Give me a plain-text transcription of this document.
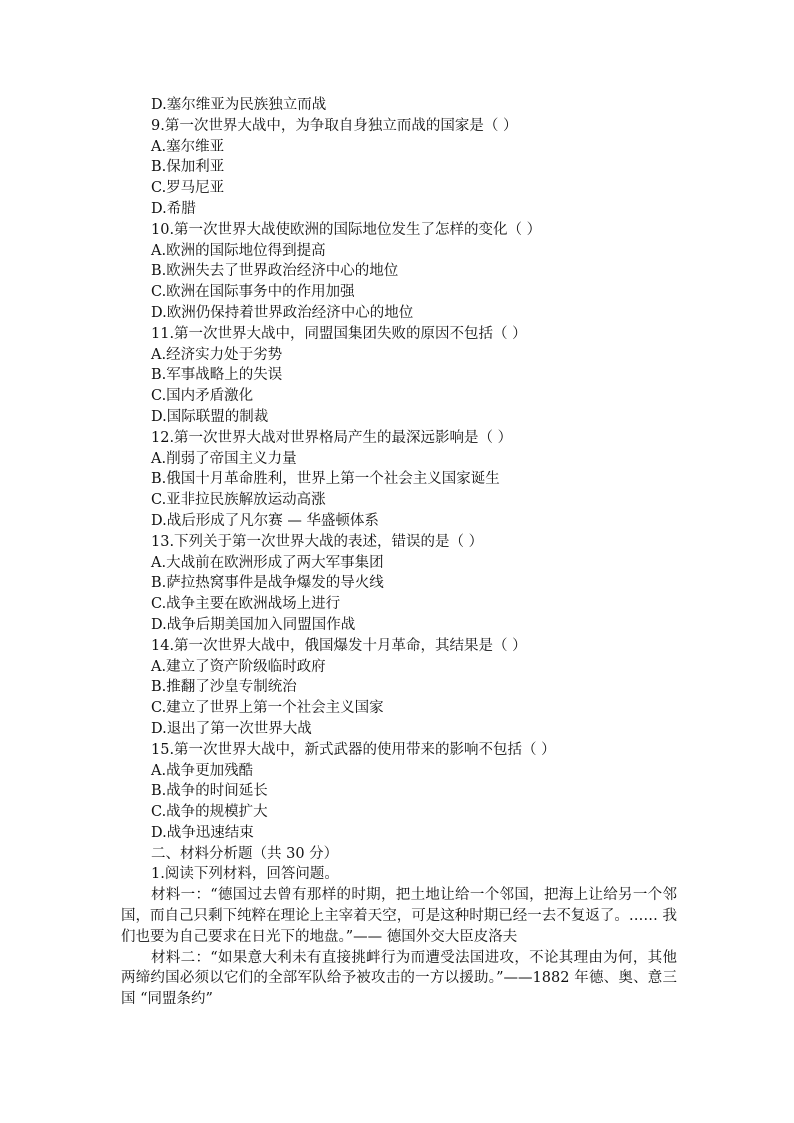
D.塞尔维亚为民族独立而战
9.第一次世界大战中，为争取自身独立而战的国家是（ ）
A.塞尔维亚
B.保加利亚
C.罗马尼亚
D.希腊
10.第一次世界大战使欧洲的国际地位发生了怎样的变化（ ）
A.欧洲的国际地位得到提高
B.欧洲失去了世界政治经济中心的地位
C.欧洲在国际事务中的作用加强
D.欧洲仍保持着世界政治经济中心的地位
11.第一次世界大战中，同盟国集团失败的原因不包括（ ）
A.经济实力处于劣势
B.军事战略上的失误
C.国内矛盾激化
D.国际联盟的制裁
12.第一次世界大战对世界格局产生的最深远影响是（ ）
A.削弱了帝国主义力量
B.俄国十月革命胜利，世界上第一个社会主义国家诞生
C.亚非拉民族解放运动高涨
D.战后形成了凡尔赛 — 华盛顿体系
13.下列关于第一次世界大战的表述，错误的是（ ）
A.大战前在欧洲形成了两大军事集团
B.萨拉热窝事件是战争爆发的导火线
C.战争主要在欧洲战场上进行
D.战争后期美国加入同盟国作战
14.第一次世界大战中，俄国爆发十月革命，其结果是（ ）
A.建立了资产阶级临时政府
B.推翻了沙皇专制统治
C.建立了世界上第一个社会主义国家
D.退出了第一次世界大战
15.第一次世界大战中，新式武器的使用带来的影响不包括（ ）
A.战争更加残酷
B.战争的时间延长
C.战争的规模扩大
D.战争迅速结束
二、材料分析题（共 30 分）
1.阅读下列材料，回答问题。
材料一：“德国过去曾有那样的时期，把土地让给一个邻国，把海上让给另一个邻国，而自己只剩下纯粹在理论上主宰着天空，可是这种时期已经一去不复返了。…… 我们也要为自己要求在日光下的地盘。”—— 德国外交大臣皮洛夫
材料二：“如果意大利未有直接挑衅行为而遭受法国进攻，不论其理由为何，其他两缔约国必须以它们的全部军队给予被攻击的一方以援助。”——1882 年德、奥、意三国 “同盟条约”
